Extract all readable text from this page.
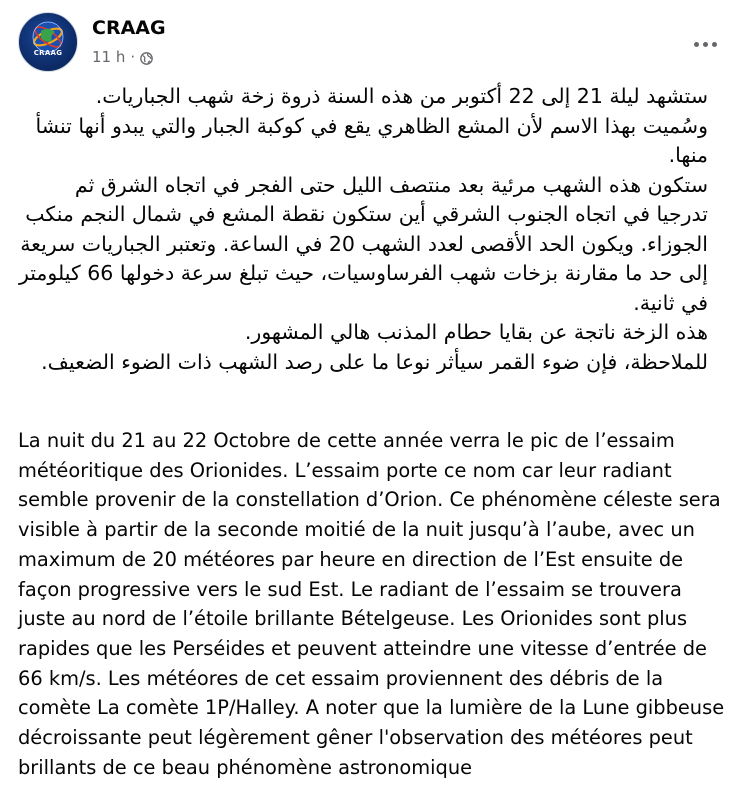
CRAAG
CRAAG
11 h ·

ستشهد ليلة 21 إلى 22 أكتوبر من هذه السنة ذروة زخة شهب الجباريات.

وسُميت بهذا الاسم لأن المشع الظاهري يقع في كوكبة الجبار والتي يبدو أنها تنشأ منها.

ستكون هذه الشهب مرئية بعد منتصف الليل حتى الفجر في اتجاه الشرق ثم تدرجيا في اتجاه الجنوب الشرقي أين ستكون نقطة المشع في شمال النجم منكب الجوزاء. ويكون الحد الأقصى لعدد الشهب 20 في الساعة. وتعتبر الجباريات سريعة إلى حد ما مقارنة بزخات شهب الفرساوسيات، حيث تبلغ سرعة دخولها 66 كيلومتر في ثانية.

هذه الزخة ناتجة عن بقايا حطام المذنب هالي المشهور.

للملاحظة، فإن ضوء القمر سيأثر نوعا ما على رصد الشهب ذات الضوء الضعيف.

La nuit du 21 au 22 Octobre de cette année verra le pic de l’essaim météoritique des Orionides. L’essaim porte ce nom car leur radiant semble provenir de la constellation d’Orion. Ce phénomène céleste sera visible à partir de la seconde moitié de la nuit jusqu’à l’aube, avec un maximum de 20 météores par heure en direction de l’Est ensuite de façon progressive vers le sud Est. Le radiant de l’essaim se trouvera juste au nord de l’étoile brillante Bételgeuse. Les Orionides sont plus rapides que les Perséides et peuvent atteindre une vitesse d’entrée de 66 km/s. Les météores de cet essaim proviennent des débris de la comète La comète 1P/Halley. A noter que la lumière de la Lune gibbeuse décroissante peut légèrement gêner l'observation des météores peut brillants de ce beau phénomène astronomique
